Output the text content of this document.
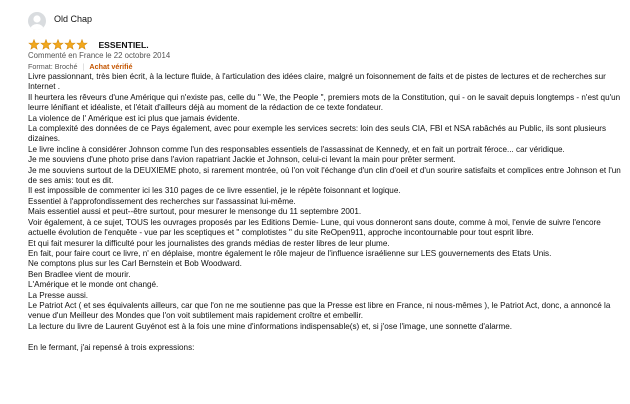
Old Chap
ESSENTIEL.
Commenté en France le 22 octobre 2014
Format: Broché | Achat vérifié

Livre passionnant, très bien écrit, à la lecture fluide, à l'articulation des idées claire, malgré un foisonnement de faits et de pistes de lectures et de recherches sur Internet .

Il heurtera les rêveurs d'une Amérique qui n'existe pas, celle du " We, the People ", premiers mots de la Constitution, qui - on le savait depuis longtemps - n'est qu'un leurre lénifiant et idéaliste, et l'était d'ailleurs déjà au moment de la rédaction de ce texte fondateur.

La violence de l' Amérique est ici plus que jamais évidente.

La complexité des données de ce Pays également, avec pour exemple les services secrets: loin des seuls CIA, FBI et NSA rabâchés au Public, ils sont plusieurs dizaines.

Le livre incline à considérer Johnson comme l'un des responsables essentiels de l'assassinat de Kennedy, et en fait un portrait féroce... car véridique.

Je me souviens d'une photo prise dans l'avion rapatriant Jackie et Johnson, celui-ci levant la main pour prêter serment.

Je me souviens surtout de la DEUXIEME photo, si rarement montrée, où l'on voit l'échange d'un clin d'oeil et d'un sourire satisfaits et complices entre Johnson et l'un de ses amis: tout es dit.

Il est impossible de commenter ici les 310 pages de ce livre essentiel, je le répète foisonnant et logique.

Essentiel à l'approfondissement des recherches sur l'assassinat lui-même.

Mais essentiel aussi et peut--être surtout, pour mesurer le mensonge du 11 septembre 2001.

Voir également, à ce sujet, TOUS les ouvrages proposés par les Editions Demie- Lune, qui vous donneront sans doute, comme à moi, l'envie de suivre l'encore actuelle évolution de l'enquête - vue par les sceptiques et " complotistes " du site ReOpen911, approche incontournable pour tout esprit libre.

Et qui fait mesurer la difficulté pour les journalistes des grands médias de rester libres de leur plume.

En fait, pour faire court ce livre, n' en déplaise, montre également le rôle majeur de l'influence israélienne sur LES gouvernements des Etats Unis.

Ne comptons plus sur les Carl Bernstein et Bob Woodward.

Ben Bradlee vient de mourir.

L'Amérique et le monde ont changé.

La Presse aussi.

Le Patriot Act ( et ses équivalents ailleurs, car que l'on ne me soutienne pas que la Presse est libre en France, ni nous-mêmes ), le Patriot Act, donc, a annoncé la venue d'un Meilleur des Mondes que l'on voit subtilement mais rapidement croître et embellir.

La lecture du livre de Laurent Guyénot est à la fois une mine d'informations indispensable(s) et, si j'ose l'image, une sonnette d'alarme.

En le fermant, j'ai repensé à trois expressions:
